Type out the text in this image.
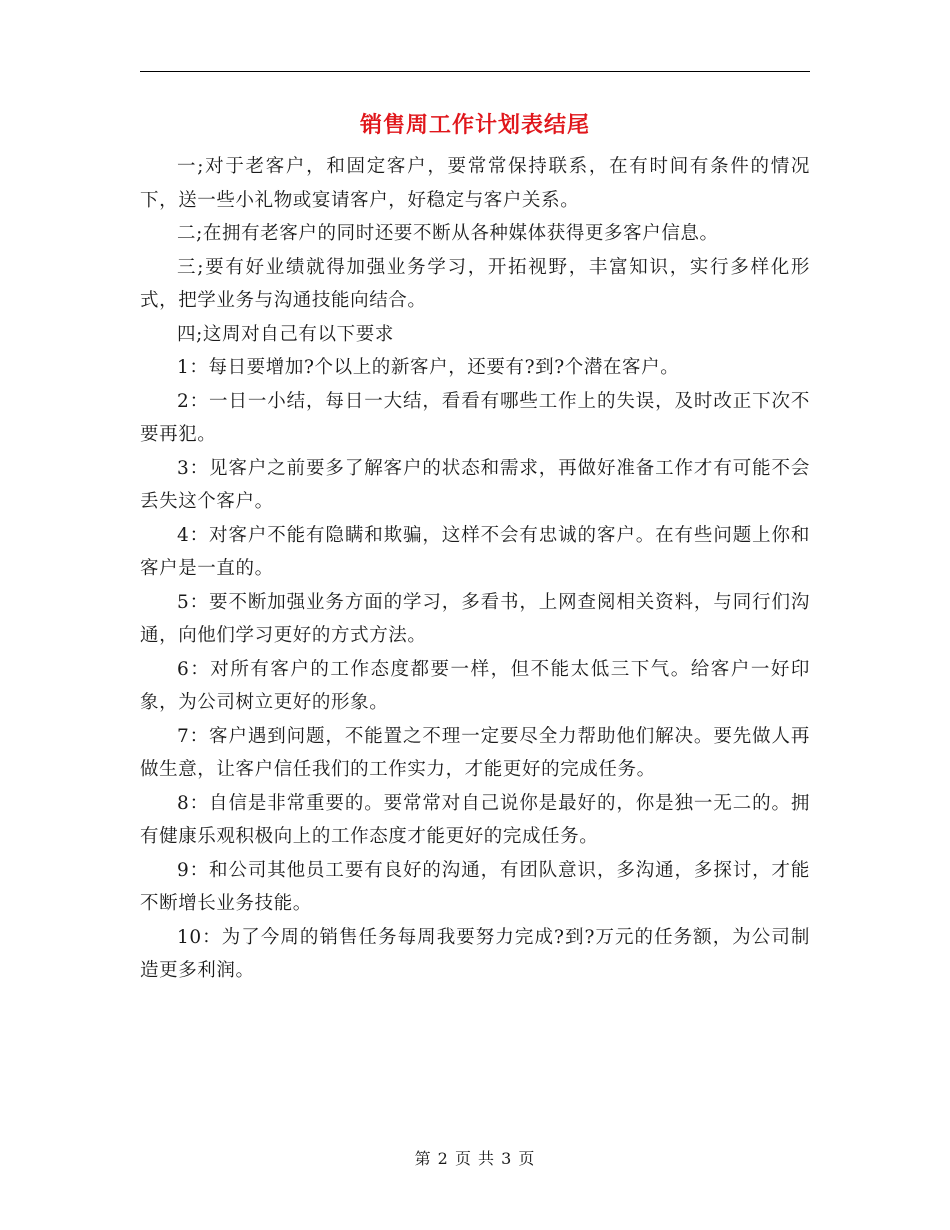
销售周工作计划表结尾

一;对于老客户，和固定客户，要常常保持联系，在有时间有条件的情况下，送一些小礼物或宴请客户，好稳定与客户关系。

二;在拥有老客户的同时还要不断从各种媒体获得更多客户信息。

三;要有好业绩就得加强业务学习，开拓视野，丰富知识，实行多样化形式，把学业务与沟通技能向结合。

四;这周对自己有以下要求

1：每日要增加?个以上的新客户，还要有?到?个潜在客户。

2：一日一小结，每日一大结，看看有哪些工作上的失误，及时改正下次不要再犯。

3：见客户之前要多了解客户的状态和需求，再做好准备工作才有可能不会丢失这个客户。

4：对客户不能有隐瞒和欺骗，这样不会有忠诚的客户。在有些问题上你和客户是一直的。

5：要不断加强业务方面的学习，多看书，上网查阅相关资料，与同行们沟通，向他们学习更好的方式方法。

6：对所有客户的工作态度都要一样，但不能太低三下气。给客户一好印象，为公司树立更好的形象。

7：客户遇到问题，不能置之不理一定要尽全力帮助他们解决。要先做人再做生意，让客户信任我们的工作实力，才能更好的完成任务。

8：自信是非常重要的。要常常对自己说你是最好的，你是独一无二的。拥有健康乐观积极向上的工作态度才能更好的完成任务。

9：和公司其他员工要有良好的沟通，有团队意识，多沟通，多探讨，才能不断增长业务技能。

10：为了今周的销售任务每周我要努力完成?到?万元的任务额，为公司制造更多利润。

第 2 页 共 3 页
